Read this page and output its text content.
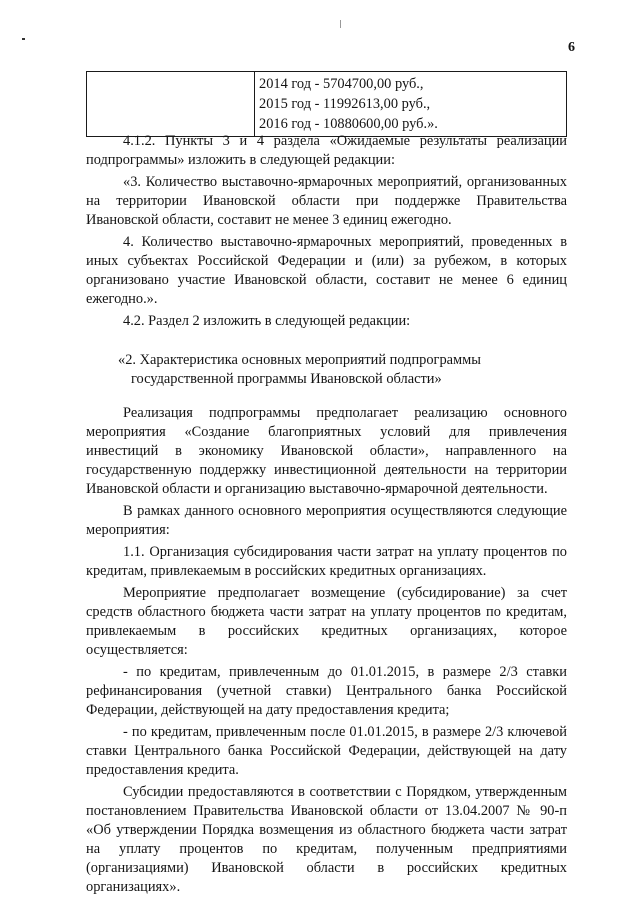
6

2014 год - 5704700,00 руб.,
2015 год - 11992613,00 руб.,
2016 год - 10880600,00 руб.».

4.1.2. Пункты 3 и 4 раздела «Ожидаемые результаты реализации подпрограммы» изложить в следующей редакции:

«3. Количество выставочно-ярмарочных мероприятий, организованных на территории Ивановской области при поддержке Правительства Ивановской области, составит не менее 3 единиц ежегодно.

4. Количество выставочно-ярмарочных мероприятий, проведенных в иных субъектах Российской Федерации и (или) за рубежом, в которых организовано участие Ивановской области, составит не менее 6 единиц ежегодно.».

4.2. Раздел 2 изложить в следующей редакции:

«2. Характеристика основных мероприятий подпрограммы
государственной программы Ивановской области»

Реализация подпрограммы предполагает реализацию основного мероприятия «Создание благоприятных условий для привлечения инвестиций в экономику Ивановской области», направленного на государственную поддержку инвестиционной деятельности на территории Ивановской области и организацию выставочно-ярмарочной деятельности.

В рамках данного основного мероприятия осуществляются следующие мероприятия:

1.1. Организация субсидирования части затрат на уплату процентов по кредитам, привлекаемым в российских кредитных организациях.

Мероприятие предполагает возмещение (субсидирование) за счет средств областного бюджета части затрат на уплату процентов по кредитам, привлекаемым в российских кредитных организациях, которое осуществляется:

- по кредитам, привлеченным до 01.01.2015, в размере 2/3 ставки рефинансирования (учетной ставки) Центрального банка Российской Федерации, действующей на дату предоставления кредита;

- по кредитам, привлеченным после 01.01.2015, в размере 2/3 ключевой ставки Центрального банка Российской Федерации, действующей на дату предоставления кредита.

Субсидии предоставляются в соответствии с Порядком, утвержденным постановлением Правительства Ивановской области от 13.04.2007 № 90-п «Об утверждении Порядка возмещения из областного бюджета части затрат на уплату процентов по кредитам, полученным предприятиями (организациями) Ивановской области в российских кредитных организациях».
